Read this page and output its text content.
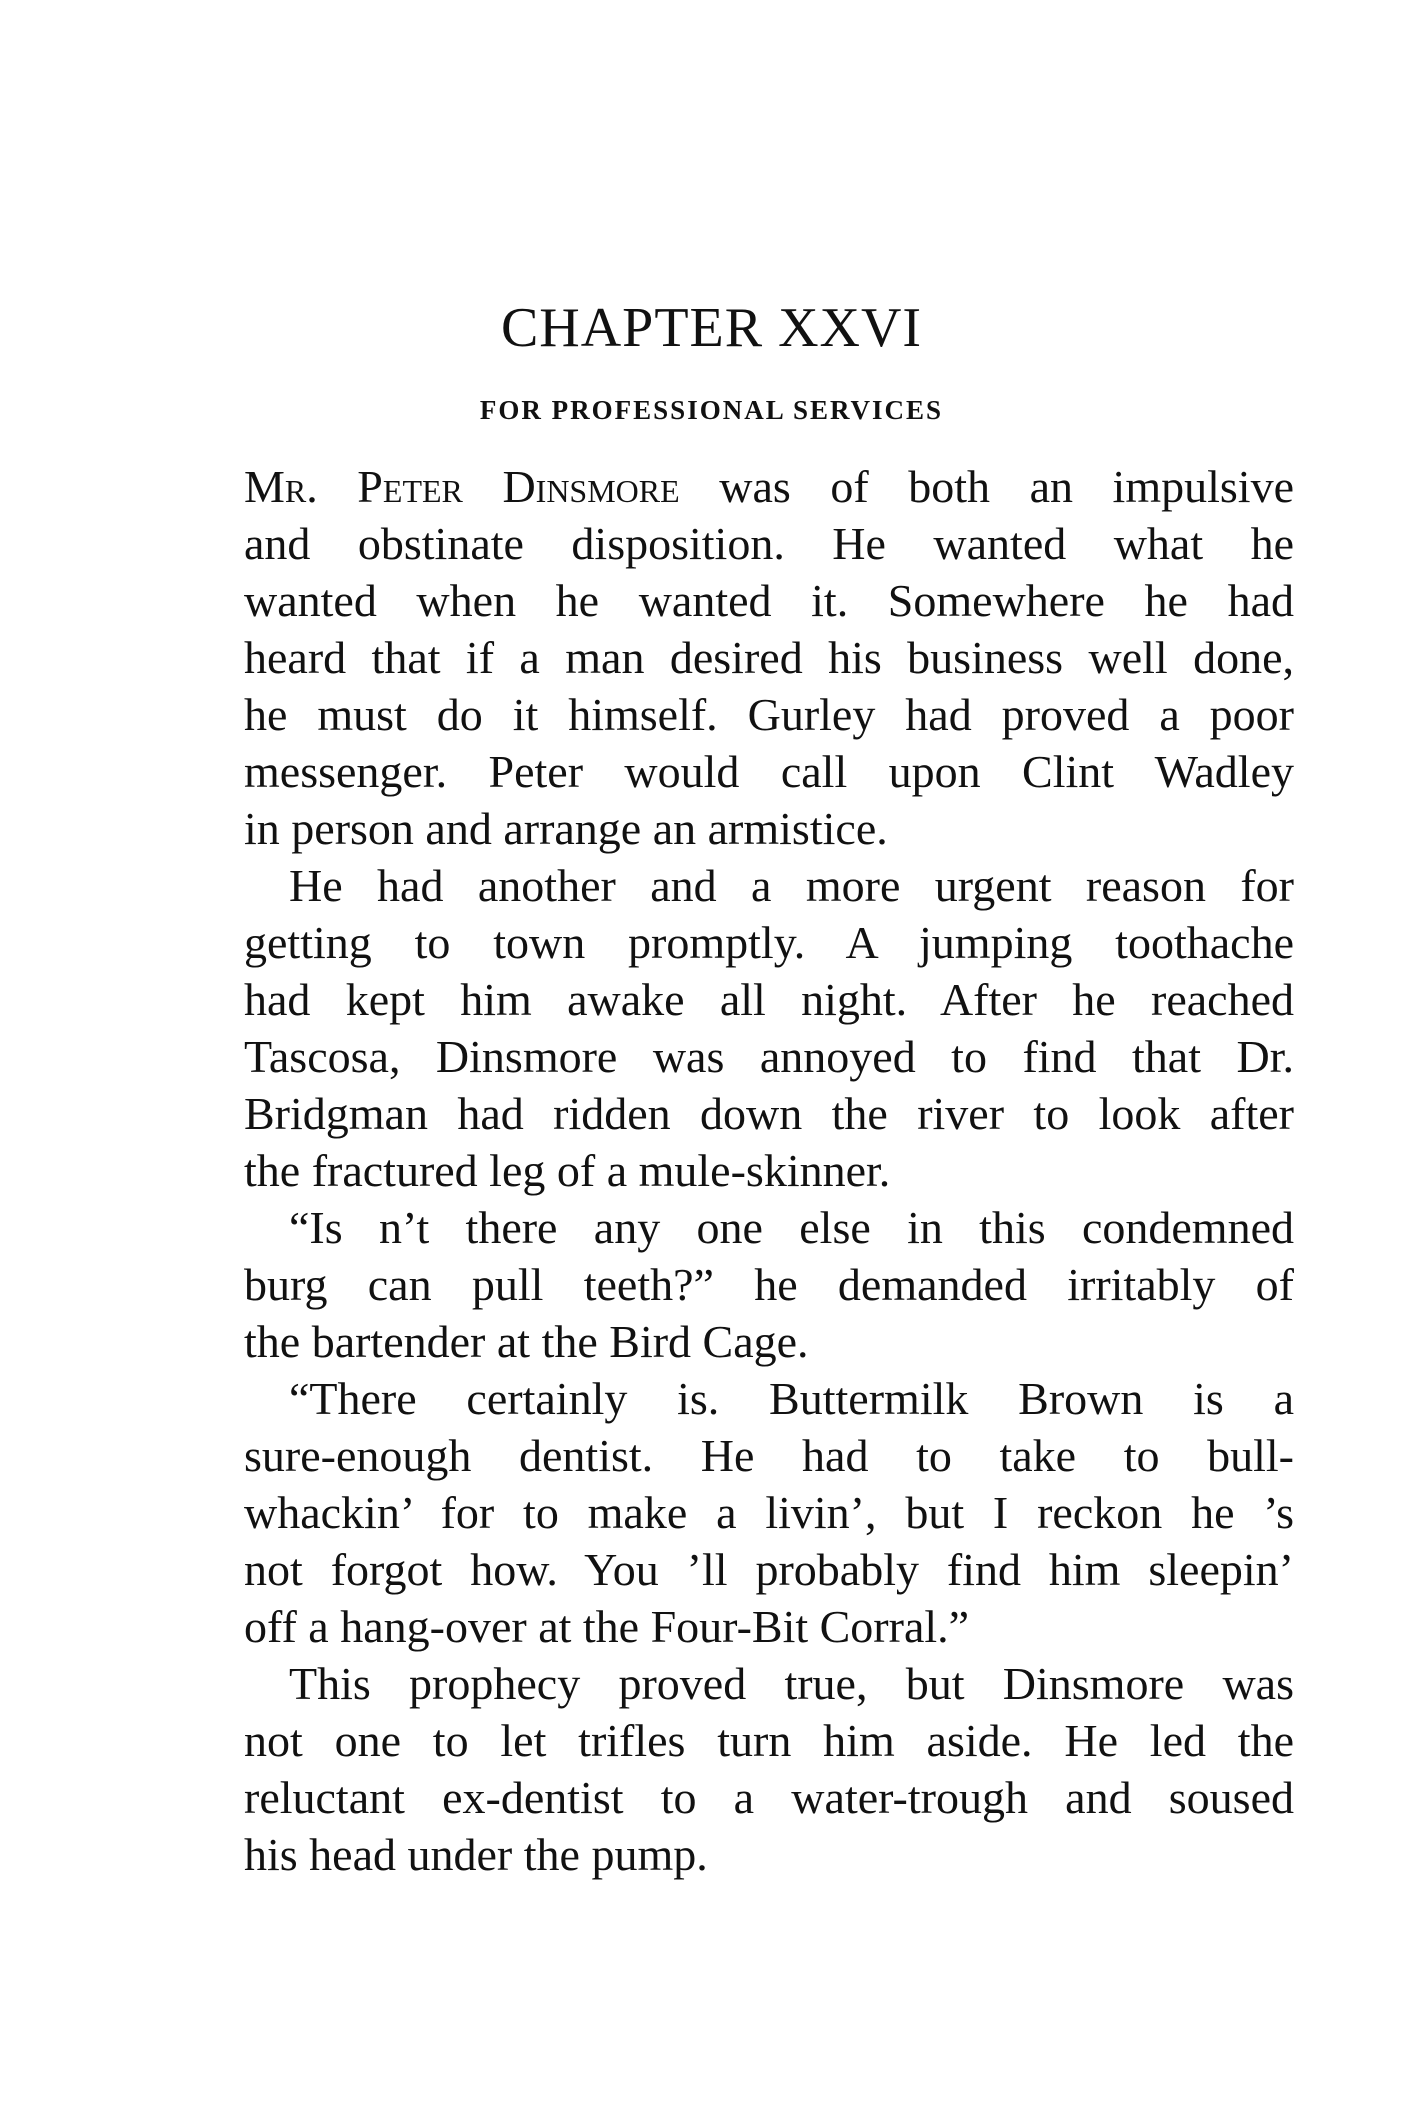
CHAPTER XXVI
FOR PROFESSIONAL SERVICES
Mr. Peter Dinsmore was of both an impulsive
and obstinate disposition. He wanted what he
wanted when he wanted it. Somewhere he had
heard that if a man desired his business well done,
he must do it himself. Gurley had proved a poor
messenger. Peter would call upon Clint Wadley
in person and arrange an armistice.
He had another and a more urgent reason for
getting to town promptly. A jumping toothache
had kept him awake all night. After he reached
Tascosa, Dinsmore was annoyed to find that Dr.
Bridgman had ridden down the river to look after
the fractured leg of a mule-skinner.
“Is n’t there any one else in this condemned
burg can pull teeth?” he demanded irritably of
the bartender at the Bird Cage.
“There certainly is. Buttermilk Brown is a
sure-enough dentist. He had to take to bull-
whackin’ for to make a livin’, but I reckon he ’s
not forgot how. You ’ll probably find him sleepin’
off a hang-over at the Four-Bit Corral.”
This prophecy proved true, but Dinsmore was
not one to let trifles turn him aside. He led the
reluctant ex-dentist to a water-trough and soused
his head under the pump.
